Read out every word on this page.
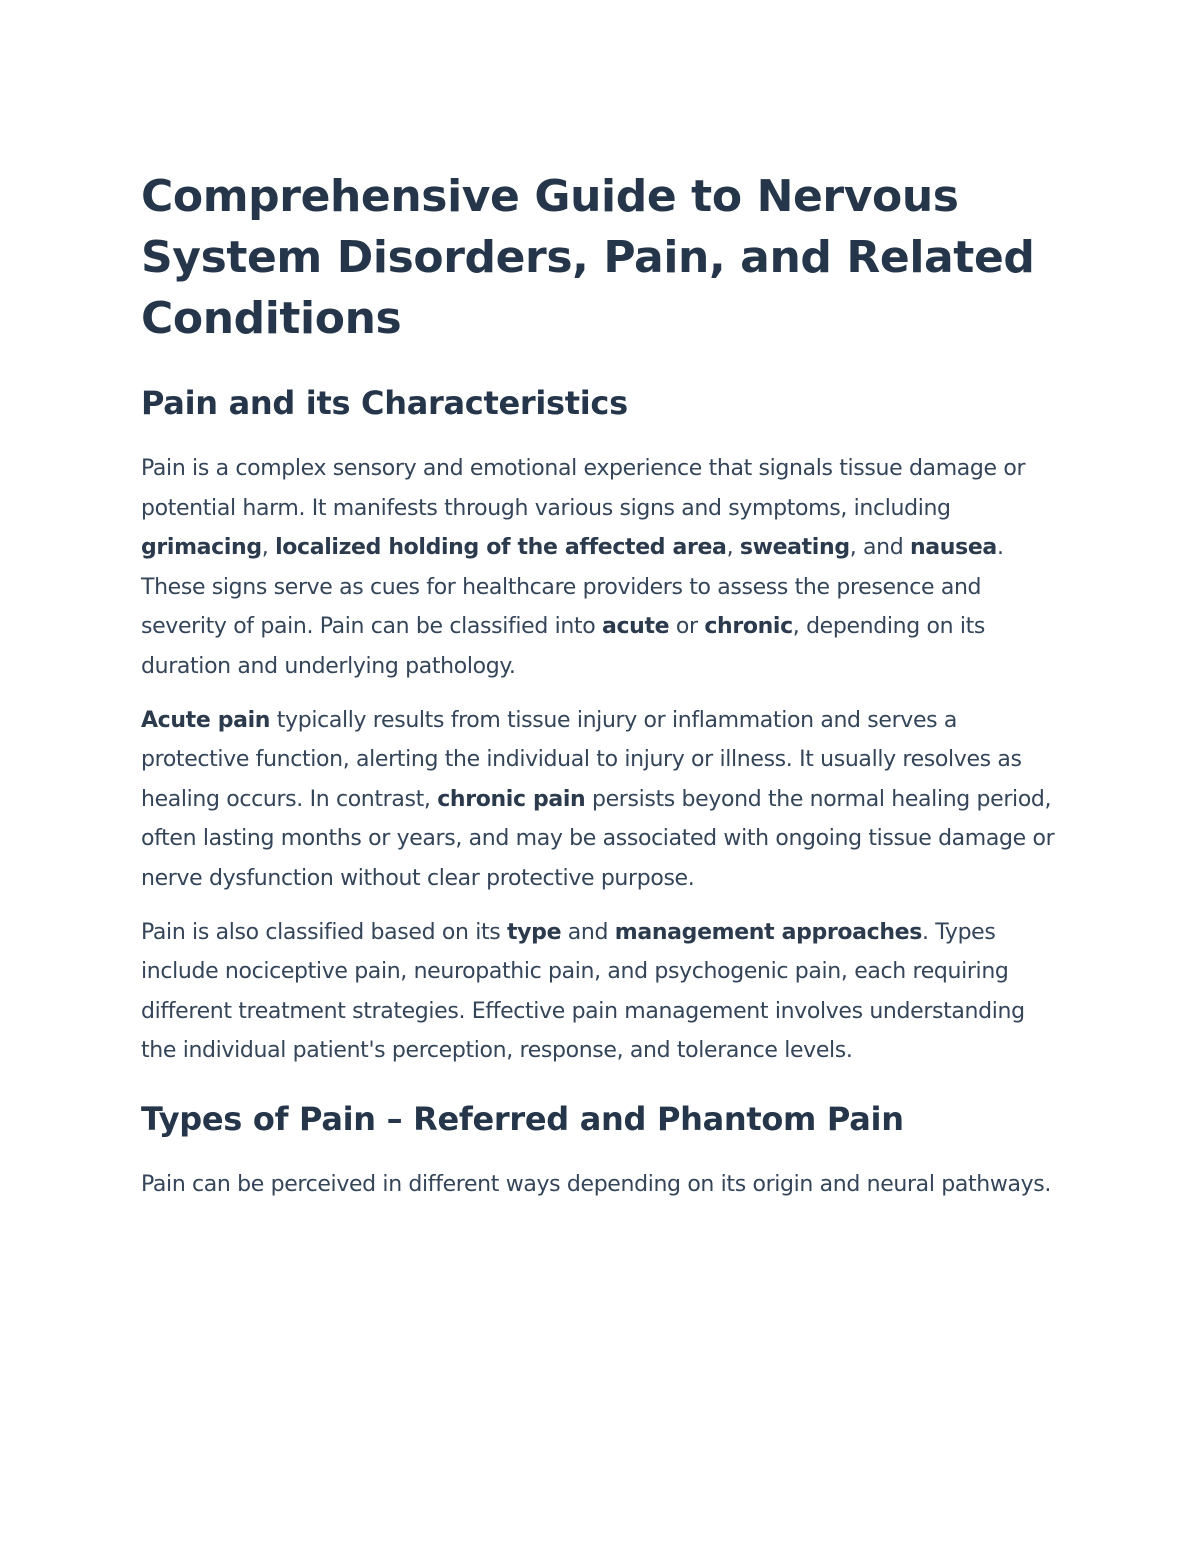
Comprehensive Guide to Nervous System Disorders, Pain, and Related Conditions
Pain and its Characteristics

Pain is a complex sensory and emotional experience that signals tissue damage or potential harm. It manifests through various signs and symptoms, including grimacing, localized holding of the affected area, sweating, and nausea. These signs serve as cues for healthcare providers to assess the presence and severity of pain. Pain can be classified into acute or chronic, depending on its duration and underlying pathology.

Acute pain typically results from tissue injury or inflammation and serves a protective function, alerting the individual to injury or illness. It usually resolves as healing occurs. In contrast, chronic pain persists beyond the normal healing period, often lasting months or years, and may be associated with ongoing tissue damage or nerve dysfunction without clear protective purpose.

Pain is also classified based on its type and management approaches. Types include nociceptive pain, neuropathic pain, and psychogenic pain, each requiring different treatment strategies. Effective pain management involves understanding the individual patient's perception, response, and tolerance levels.

Types of Pain – Referred and Phantom Pain

Pain can be perceived in different ways depending on its origin and neural pathways.
